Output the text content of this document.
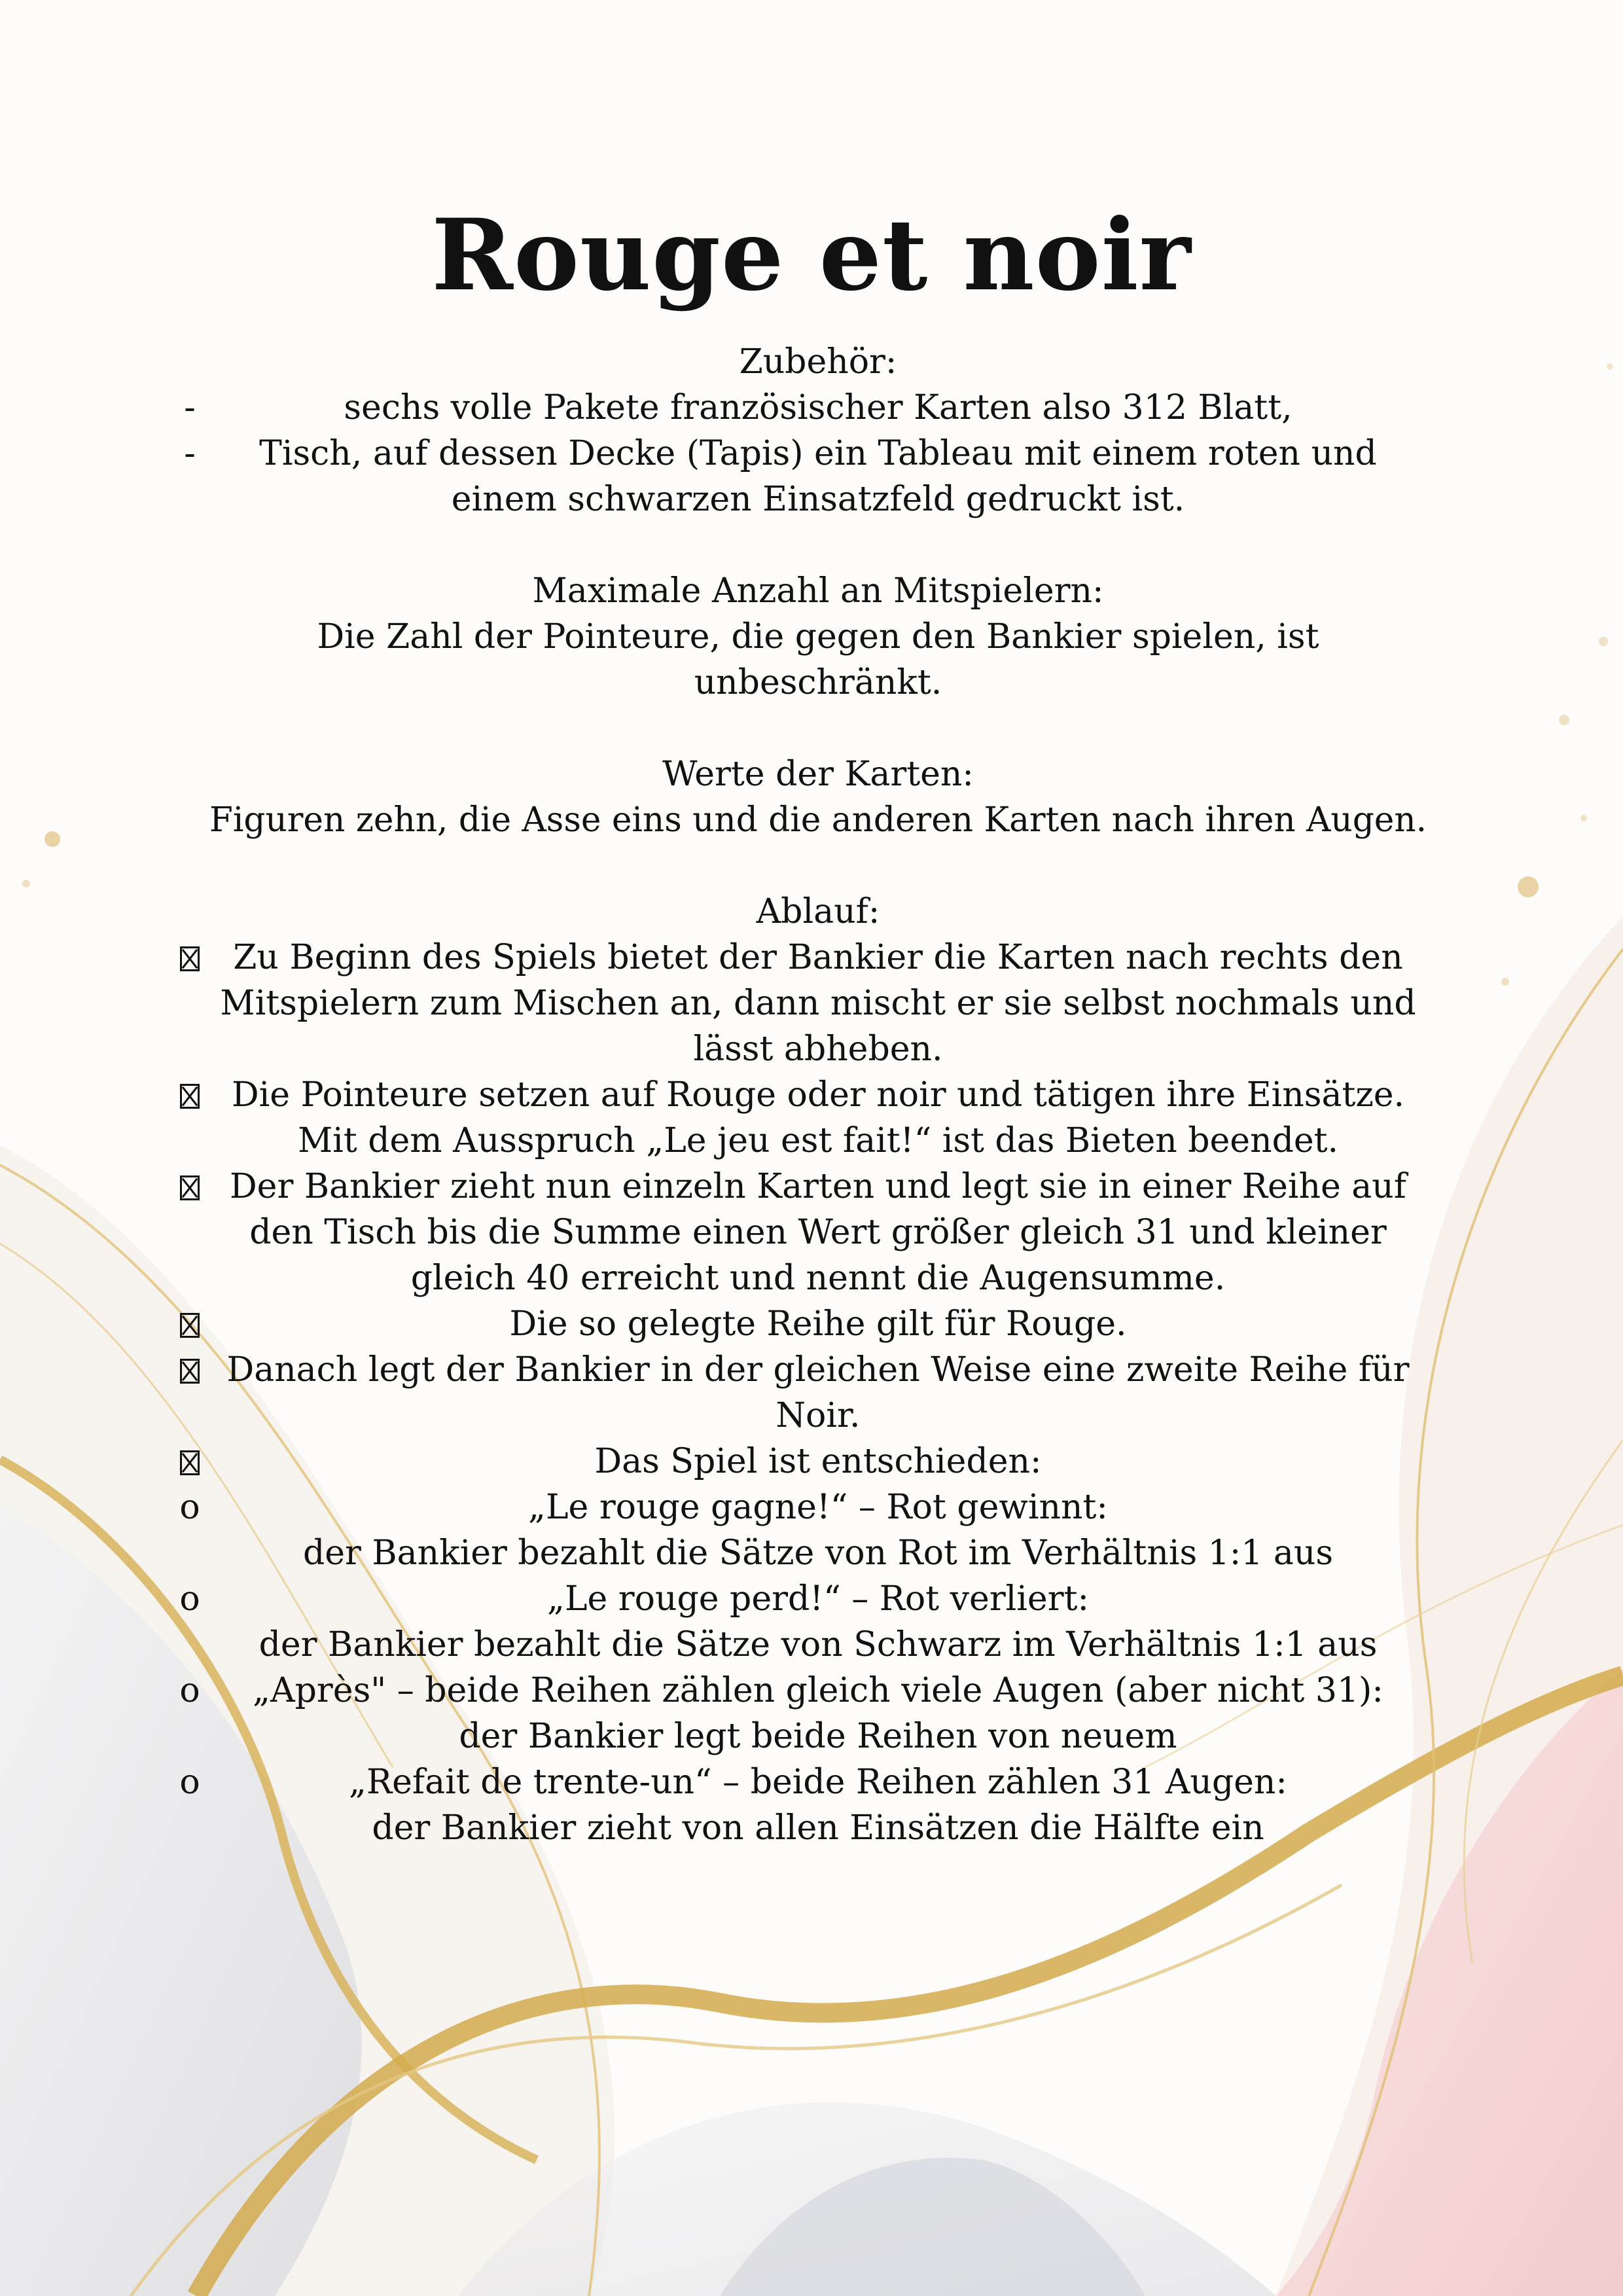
Rouge et noir
Zubehör:
-	sechs volle Pakete französischer Karten also 312 Blatt,
- Tisch, auf dessen Decke (Tapis) ein Tableau mit einem roten und
einem schwarzen Einsatzfeld gedruckt ist.
Maximale Anzahl an Mitspielern:
Die Zahl der Pointeure, die gegen den Bankier spielen, ist
unbeschränkt.
Werte der Karten:
Figuren zehn, die Asse eins und die anderen Karten nach ihren Augen.
Ablauf:
Zu Beginn des Spiels bietet der Bankier die Karten nach rechts den
Mitspielern zum Mischen an, dann mischt er sie selbst nochmals und
lässt abheben.
Die Pointeure setzen auf Rouge oder noir und tätigen ihre Einsätze.
Mit dem Ausspruch „Le jeu est fait!“ ist das Bieten beendet.
Der Bankier zieht nun einzeln Karten und legt sie in einer Reihe auf
den Tisch bis die Summe einen Wert größer gleich 31 und kleiner
gleich 40 erreicht und nennt die Augensumme.
Die so gelegte Reihe gilt für Rouge.
Danach legt der Bankier in der gleichen Weise eine zweite Reihe für
Noir.
Das Spiel ist entschieden:
o	„Le rouge gagne!“ – Rot gewinnt:
der Bankier bezahlt die Sätze von Rot im Verhältnis 1:1 aus
o	„Le rouge perd!“ – Rot verliert:
der Bankier bezahlt die Sätze von Schwarz im Verhältnis 1:1 aus
o „Après" – beide Reihen zählen gleich viele Augen (aber nicht 31):
der Bankier legt beide Reihen von neuem
o	„Refait de trente-un“ – beide Reihen zählen 31 Augen:
der Bankier zieht von allen Einsätzen die Hälfte ein
